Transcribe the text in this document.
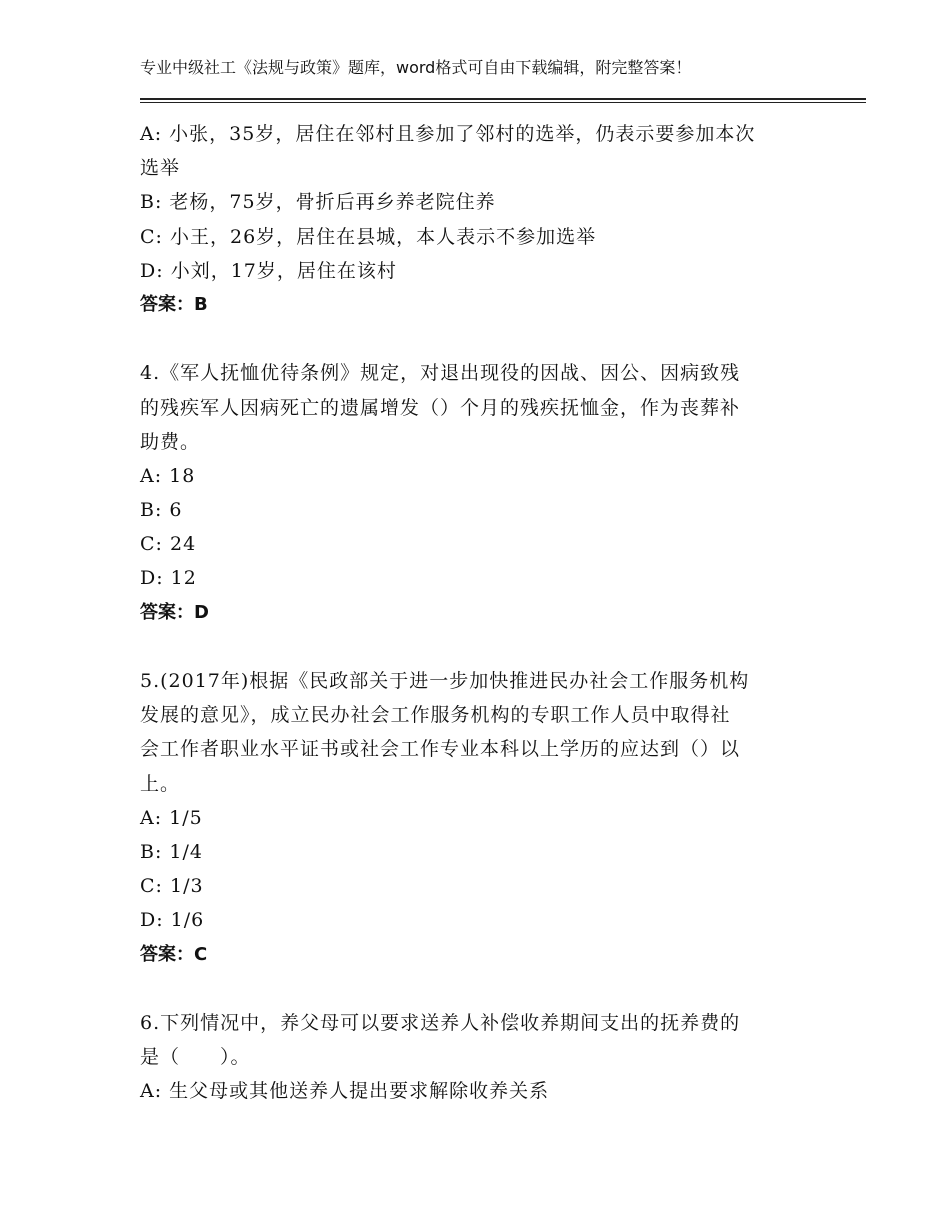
专业中级社工《法规与政策》题库，word格式可自由下载编辑，附完整答案！
A: 小张，35岁，居住在邻村且参加了邻村的选举，仍表示要参加本次
选举
B: 老杨，75岁，骨折后再乡养老院住养
C: 小王，26岁，居住在县城，本人表示不参加选举
D: 小刘，17岁，居住在该村
答案：B
4.《军人抚恤优待条例》规定，对退出现役的因战、因公、因病致残
的残疾军人因病死亡的遗属增发（）个月的残疾抚恤金，作为丧葬补
助费。
A: 18
B: 6
C: 24
D: 12
答案：D
5.(2017年)根据《民政部关于进一步加快推进民办社会工作服务机构
发展的意见》，成立民办社会工作服务机构的专职工作人员中取得社
会工作者职业水平证书或社会工作专业本科以上学历的应达到（）以
上。
A: 1/5
B: 1/4
C: 1/3
D: 1/6
答案：C
6.下列情况中，养父母可以要求送养人补偿收养期间支出的抚养费的
是（　　）。
A: 生父母或其他送养人提出要求解除收养关系
